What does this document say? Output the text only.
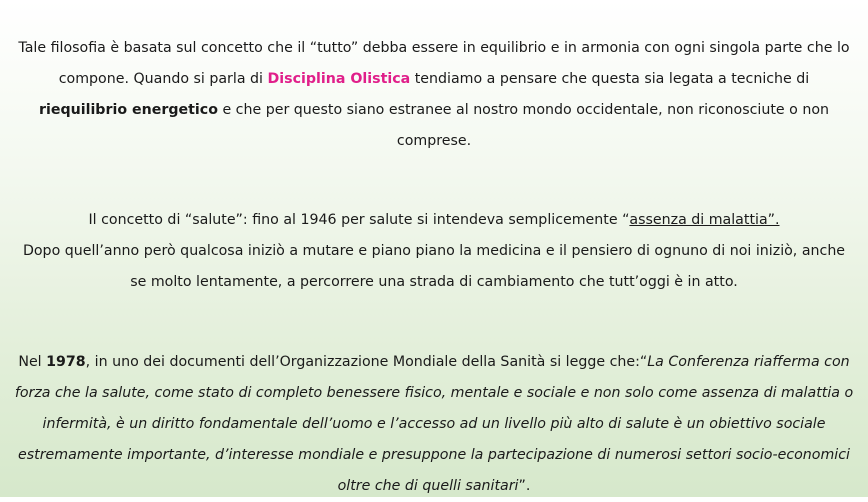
Tale filosofia è basata sul concetto che il “tutto” debba essere in equilibrio e in armonia con ogni singola parte che lo compone. Quando si parla di Disciplina Olistica tendiamo a pensare che questa sia legata a tecniche di riequilibrio energetico e che per questo siano estranee al nostro mondo occidentale, non riconosciute o non comprese.

Il concetto di “salute”: fino al 1946 per salute si intendeva semplicemente “assenza di malattia”.
Dopo quell’anno però qualcosa iniziò a mutare e piano piano la medicina e il pensiero di ognuno di noi iniziò, anche se molto lentamente, a percorrere una strada di cambiamento che tutt’oggi è in atto.

Nel 1978, in uno dei documenti dell’Organizzazione Mondiale della Sanità si legge che:“La Conferenza riafferma con forza che la salute, come stato di completo benessere fisico, mentale e sociale e non solo come assenza di malattia o infermità, è un diritto fondamentale dell’uomo e l’accesso ad un livello più alto di salute è un obiettivo sociale estremamente importante, d’interesse mondiale e presuppone la partecipazione di numerosi settori socio-economici oltre che di quelli sanitari”.
